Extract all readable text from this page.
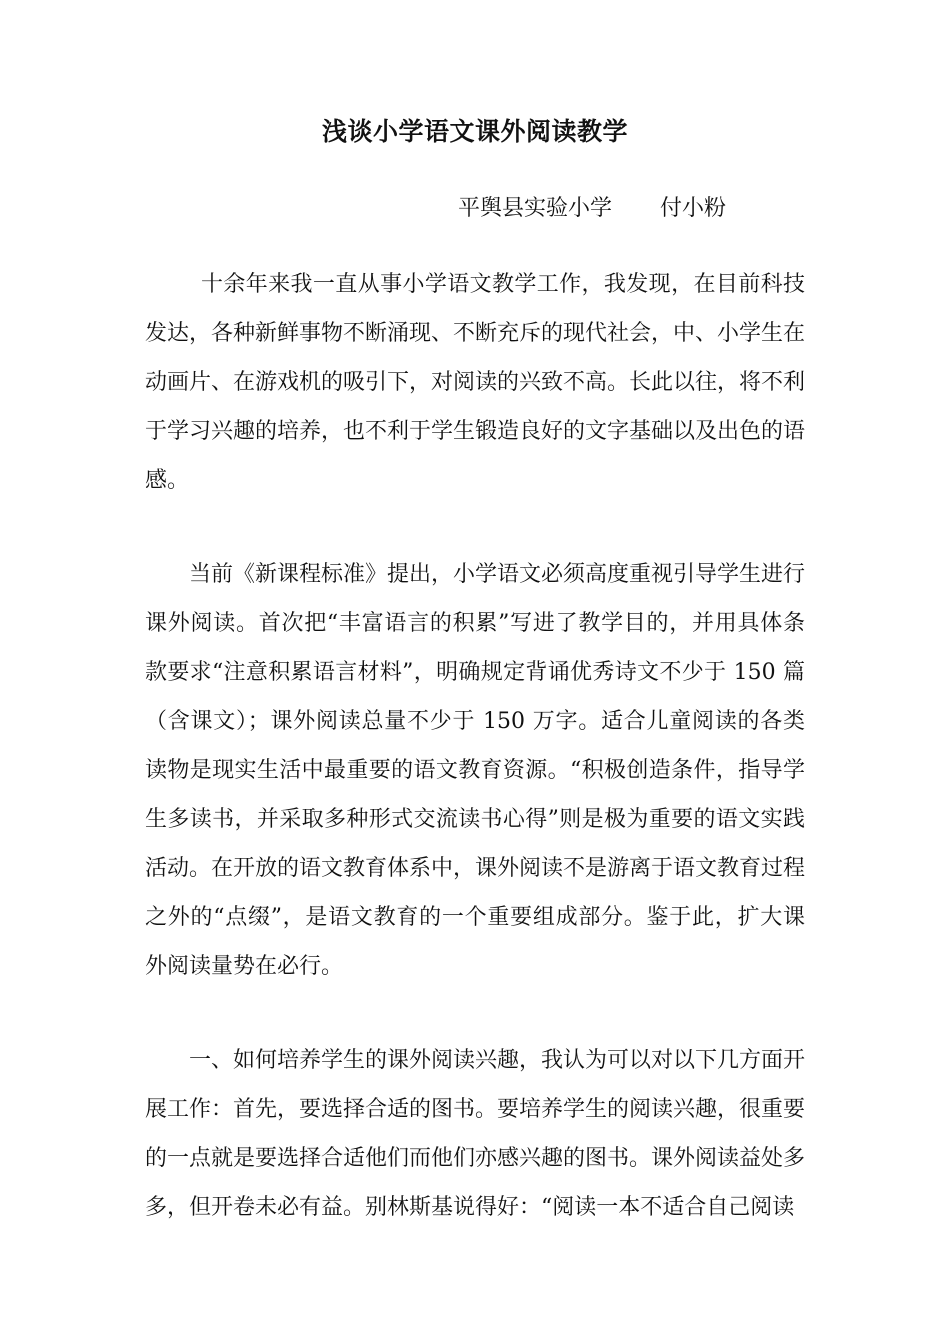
浅谈小学语文课外阅读教学
平舆县实验小学 付小粉

十余年来我一直从事小学语文教学工作，我发现，在目前科技发达，各种新鲜事物不断涌现、不断充斥的现代社会，中、小学生在动画片、在游戏机的吸引下，对阅读的兴致不高。长此以往，将不利于学习兴趣的培养，也不利于学生锻造良好的文字基础以及出色的语感。

当前《新课程标准》提出，小学语文必须高度重视引导学生进行课外阅读。首次把“丰富语言的积累”写进了教学目的，并用具体条款要求“注意积累语言材料”，明确规定背诵优秀诗文不少于 150 篇（含课文）；课外阅读总量不少于 150 万字。适合儿童阅读的各类读物是现实生活中最重要的语文教育资源。“积极创造条件，指导学生多读书，并采取多种形式交流读书心得”则是极为重要的语文实践活动。在开放的语文教育体系中，课外阅读不是游离于语文教育过程之外的“点缀”，是语文教育的一个重要组成部分。鉴于此，扩大课外阅读量势在必行。

一、如何培养学生的课外阅读兴趣，我认为可以对以下几方面开展工作：首先，要选择合适的图书。要培养学生的阅读兴趣，很重要的一点就是要选择合适他们而他们亦感兴趣的图书。课外阅读益处多多，但开卷未必有益。别林斯基说得好：“阅读一本不适合自己阅读
